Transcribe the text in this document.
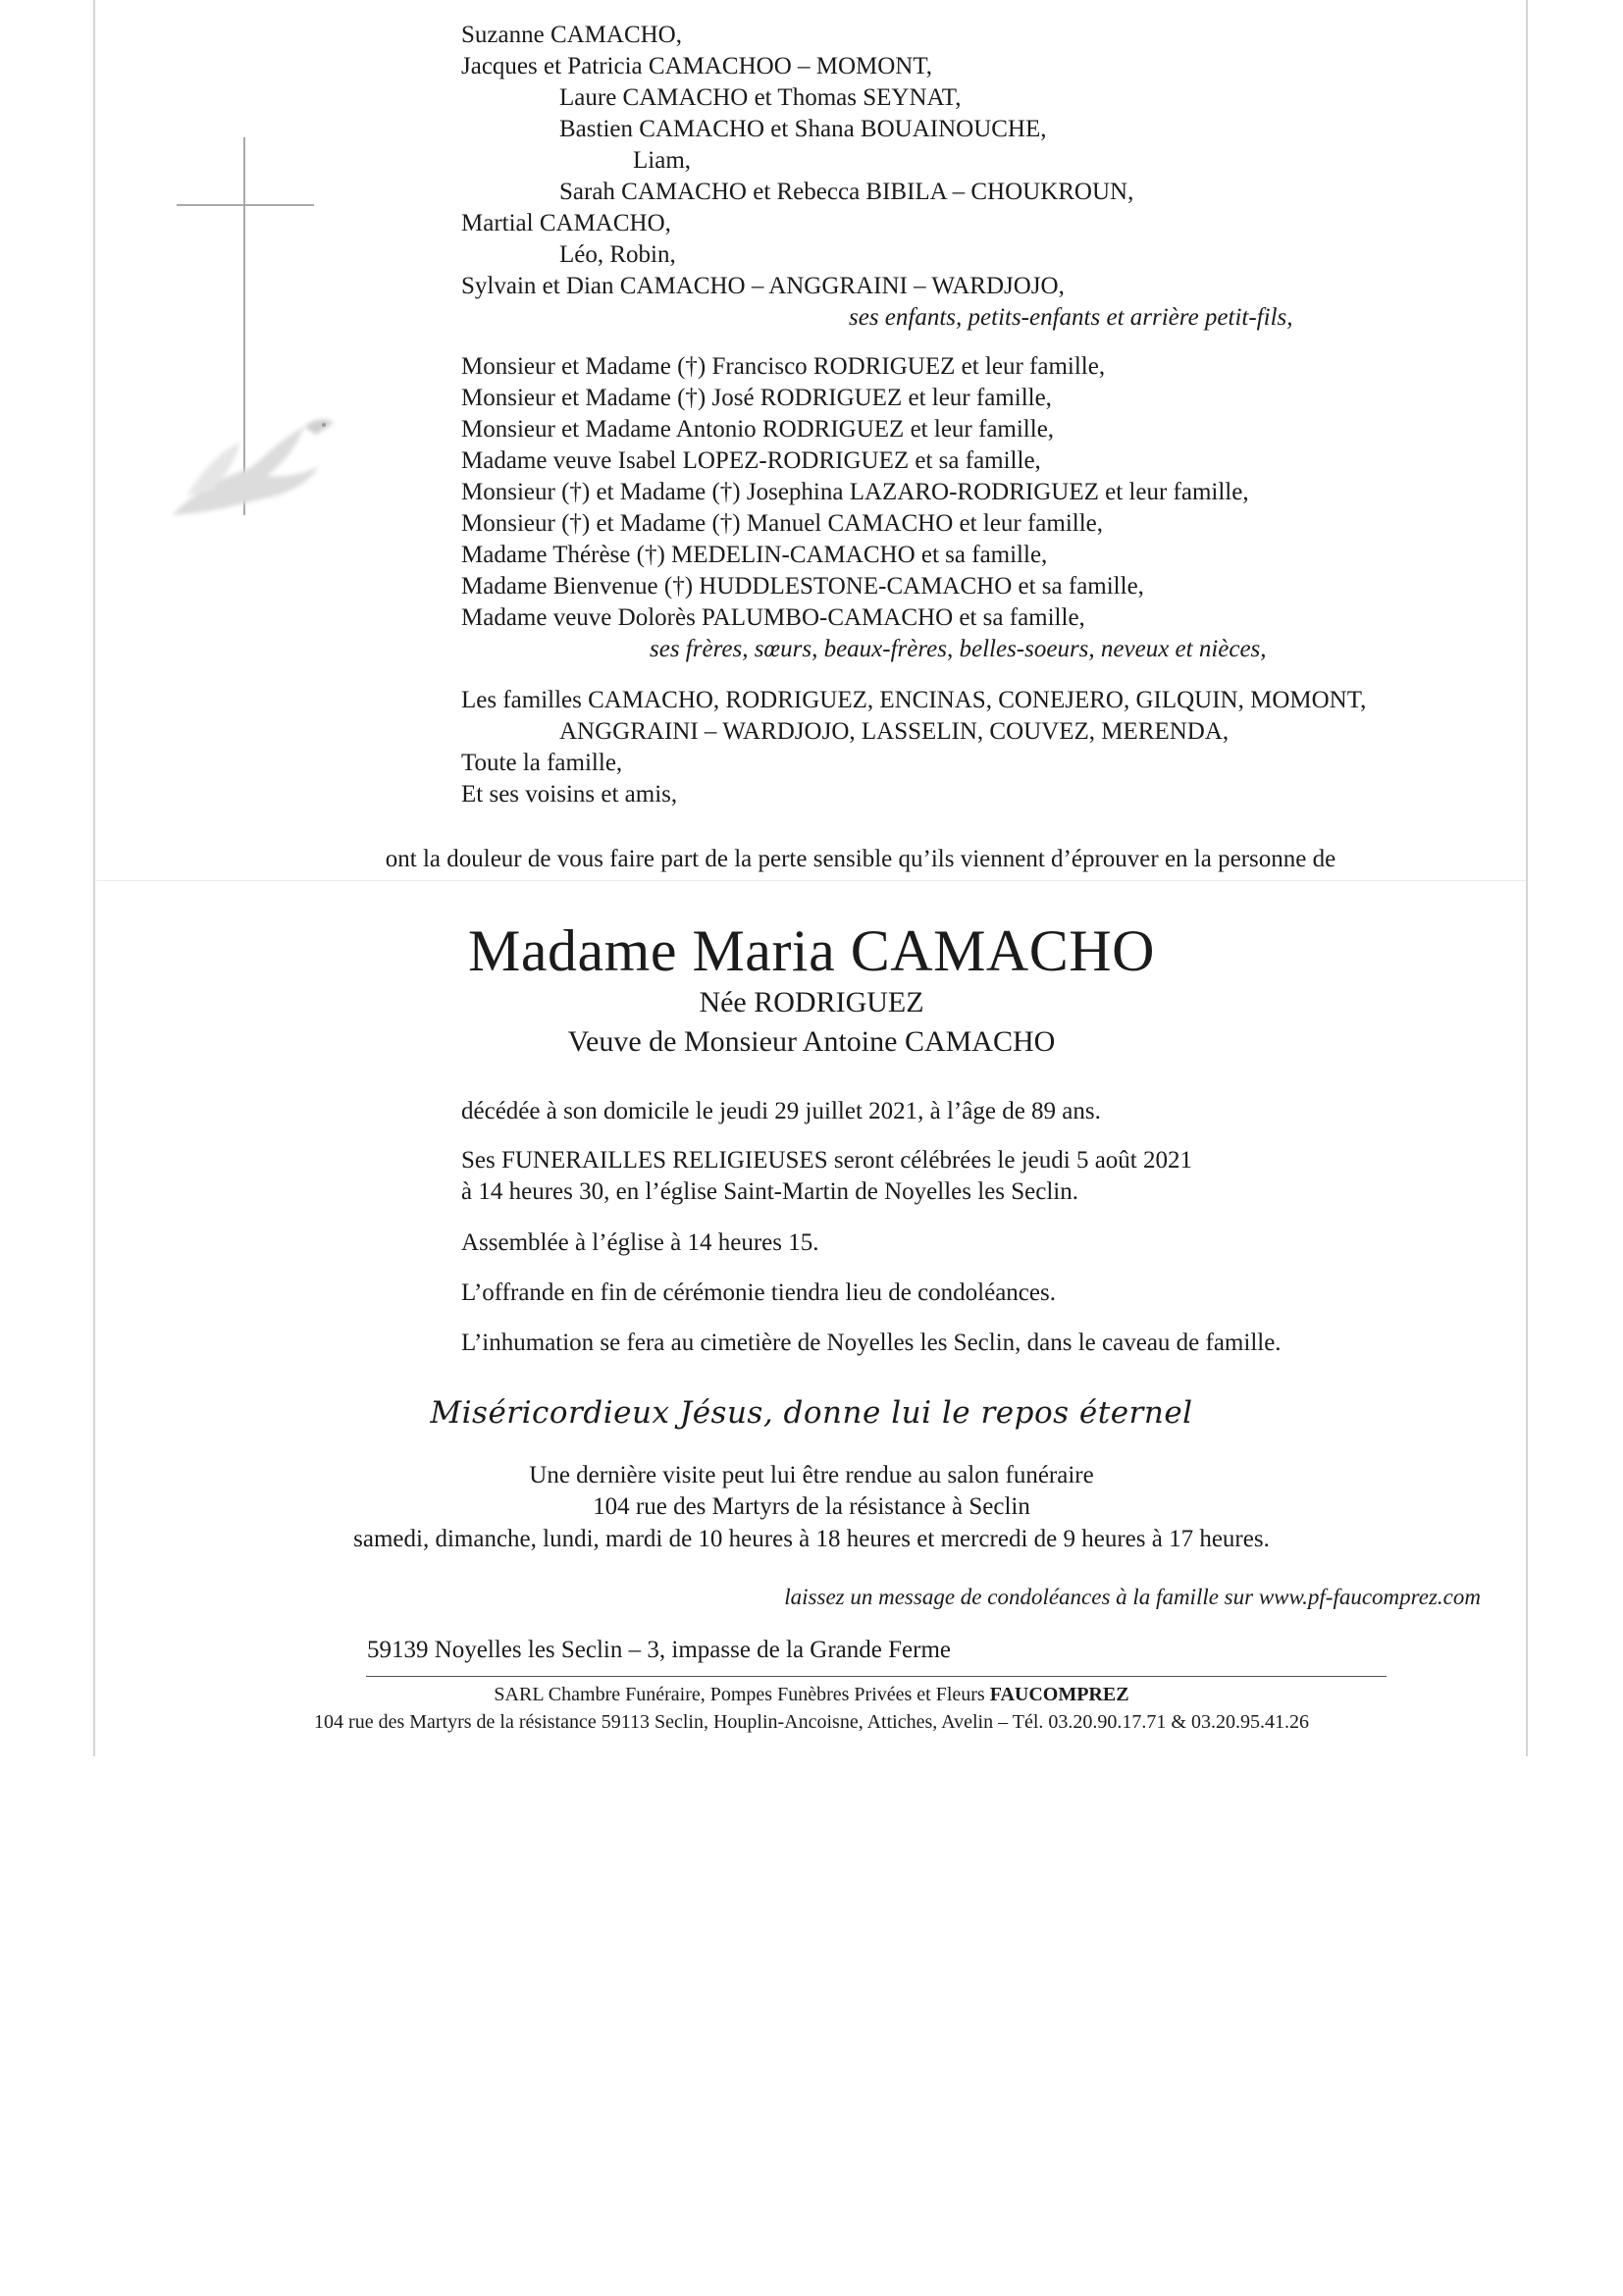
Suzanne CAMACHO,
Jacques et Patricia CAMACHOO – MOMONT,
Laure CAMACHO et Thomas SEYNAT,
Bastien CAMACHO et Shana BOUAINOUCHE,
Liam,
Sarah CAMACHO et Rebecca BIBILA – CHOUKROUN,
Martial CAMACHO,
Léo, Robin,
Sylvain et Dian CAMACHO – ANGGRAINI – WARDJOJO,
ses enfants, petits-enfants et arrière petit-fils,
Monsieur et Madame (†) Francisco RODRIGUEZ et leur famille,
Monsieur et Madame (†) José RODRIGUEZ et leur famille,
Monsieur et Madame Antonio RODRIGUEZ et leur famille,
Madame veuve Isabel LOPEZ-RODRIGUEZ et sa famille,
Monsieur (†) et Madame (†) Josephina LAZARO-RODRIGUEZ et leur famille,
Monsieur (†) et Madame (†) Manuel CAMACHO et leur famille,
Madame Thérèse (†) MEDELIN-CAMACHO et sa famille,
Madame Bienvenue (†) HUDDLESTONE-CAMACHO et sa famille,
Madame veuve Dolorès PALUMBO-CAMACHO et sa famille,
ses frères, sœurs, beaux-frères, belles-soeurs, neveux et nièces,
Les familles CAMACHO, RODRIGUEZ, ENCINAS, CONEJERO, GILQUIN, MOMONT,
ANGGRAINI – WARDJOJO, LASSELIN, COUVEZ, MERENDA,
Toute la famille,
Et ses voisins et amis,
ont la douleur de vous faire part de la perte sensible qu’ils viennent d’éprouver en la personne de
Madame Maria CAMACHO
Née RODRIGUEZ
Veuve de Monsieur Antoine CAMACHO
décédée à son domicile le jeudi 29 juillet 2021, à l’âge de 89 ans.
Ses FUNERAILLES RELIGIEUSES seront célébrées le jeudi 5 août 2021
à 14 heures 30, en l’église Saint-Martin de Noyelles les Seclin.
Assemblée à l’église à 14 heures 15.
L’offrande en fin de cérémonie tiendra lieu de condoléances.
L’inhumation se fera au cimetière de Noyelles les Seclin, dans le caveau de famille.
Miséricordieux Jésus, donne lui le repos éternel
Une dernière visite peut lui être rendue au salon funéraire
104 rue des Martyrs de la résistance à Seclin
samedi, dimanche, lundi, mardi de 10 heures à 18 heures et mercredi de 9 heures à 17 heures.
laissez un message de condoléances à la famille sur www.pf-faucomprez.com
59139 Noyelles les Seclin – 3, impasse de la Grande Ferme
SARL Chambre Funéraire, Pompes Funèbres Privées et Fleurs FAUCOMPREZ
104 rue des Martyrs de la résistance 59113 Seclin, Houplin-Ancoisne, Attiches, Avelin – Tél. 03.20.90.17.71 & 03.20.95.41.26
